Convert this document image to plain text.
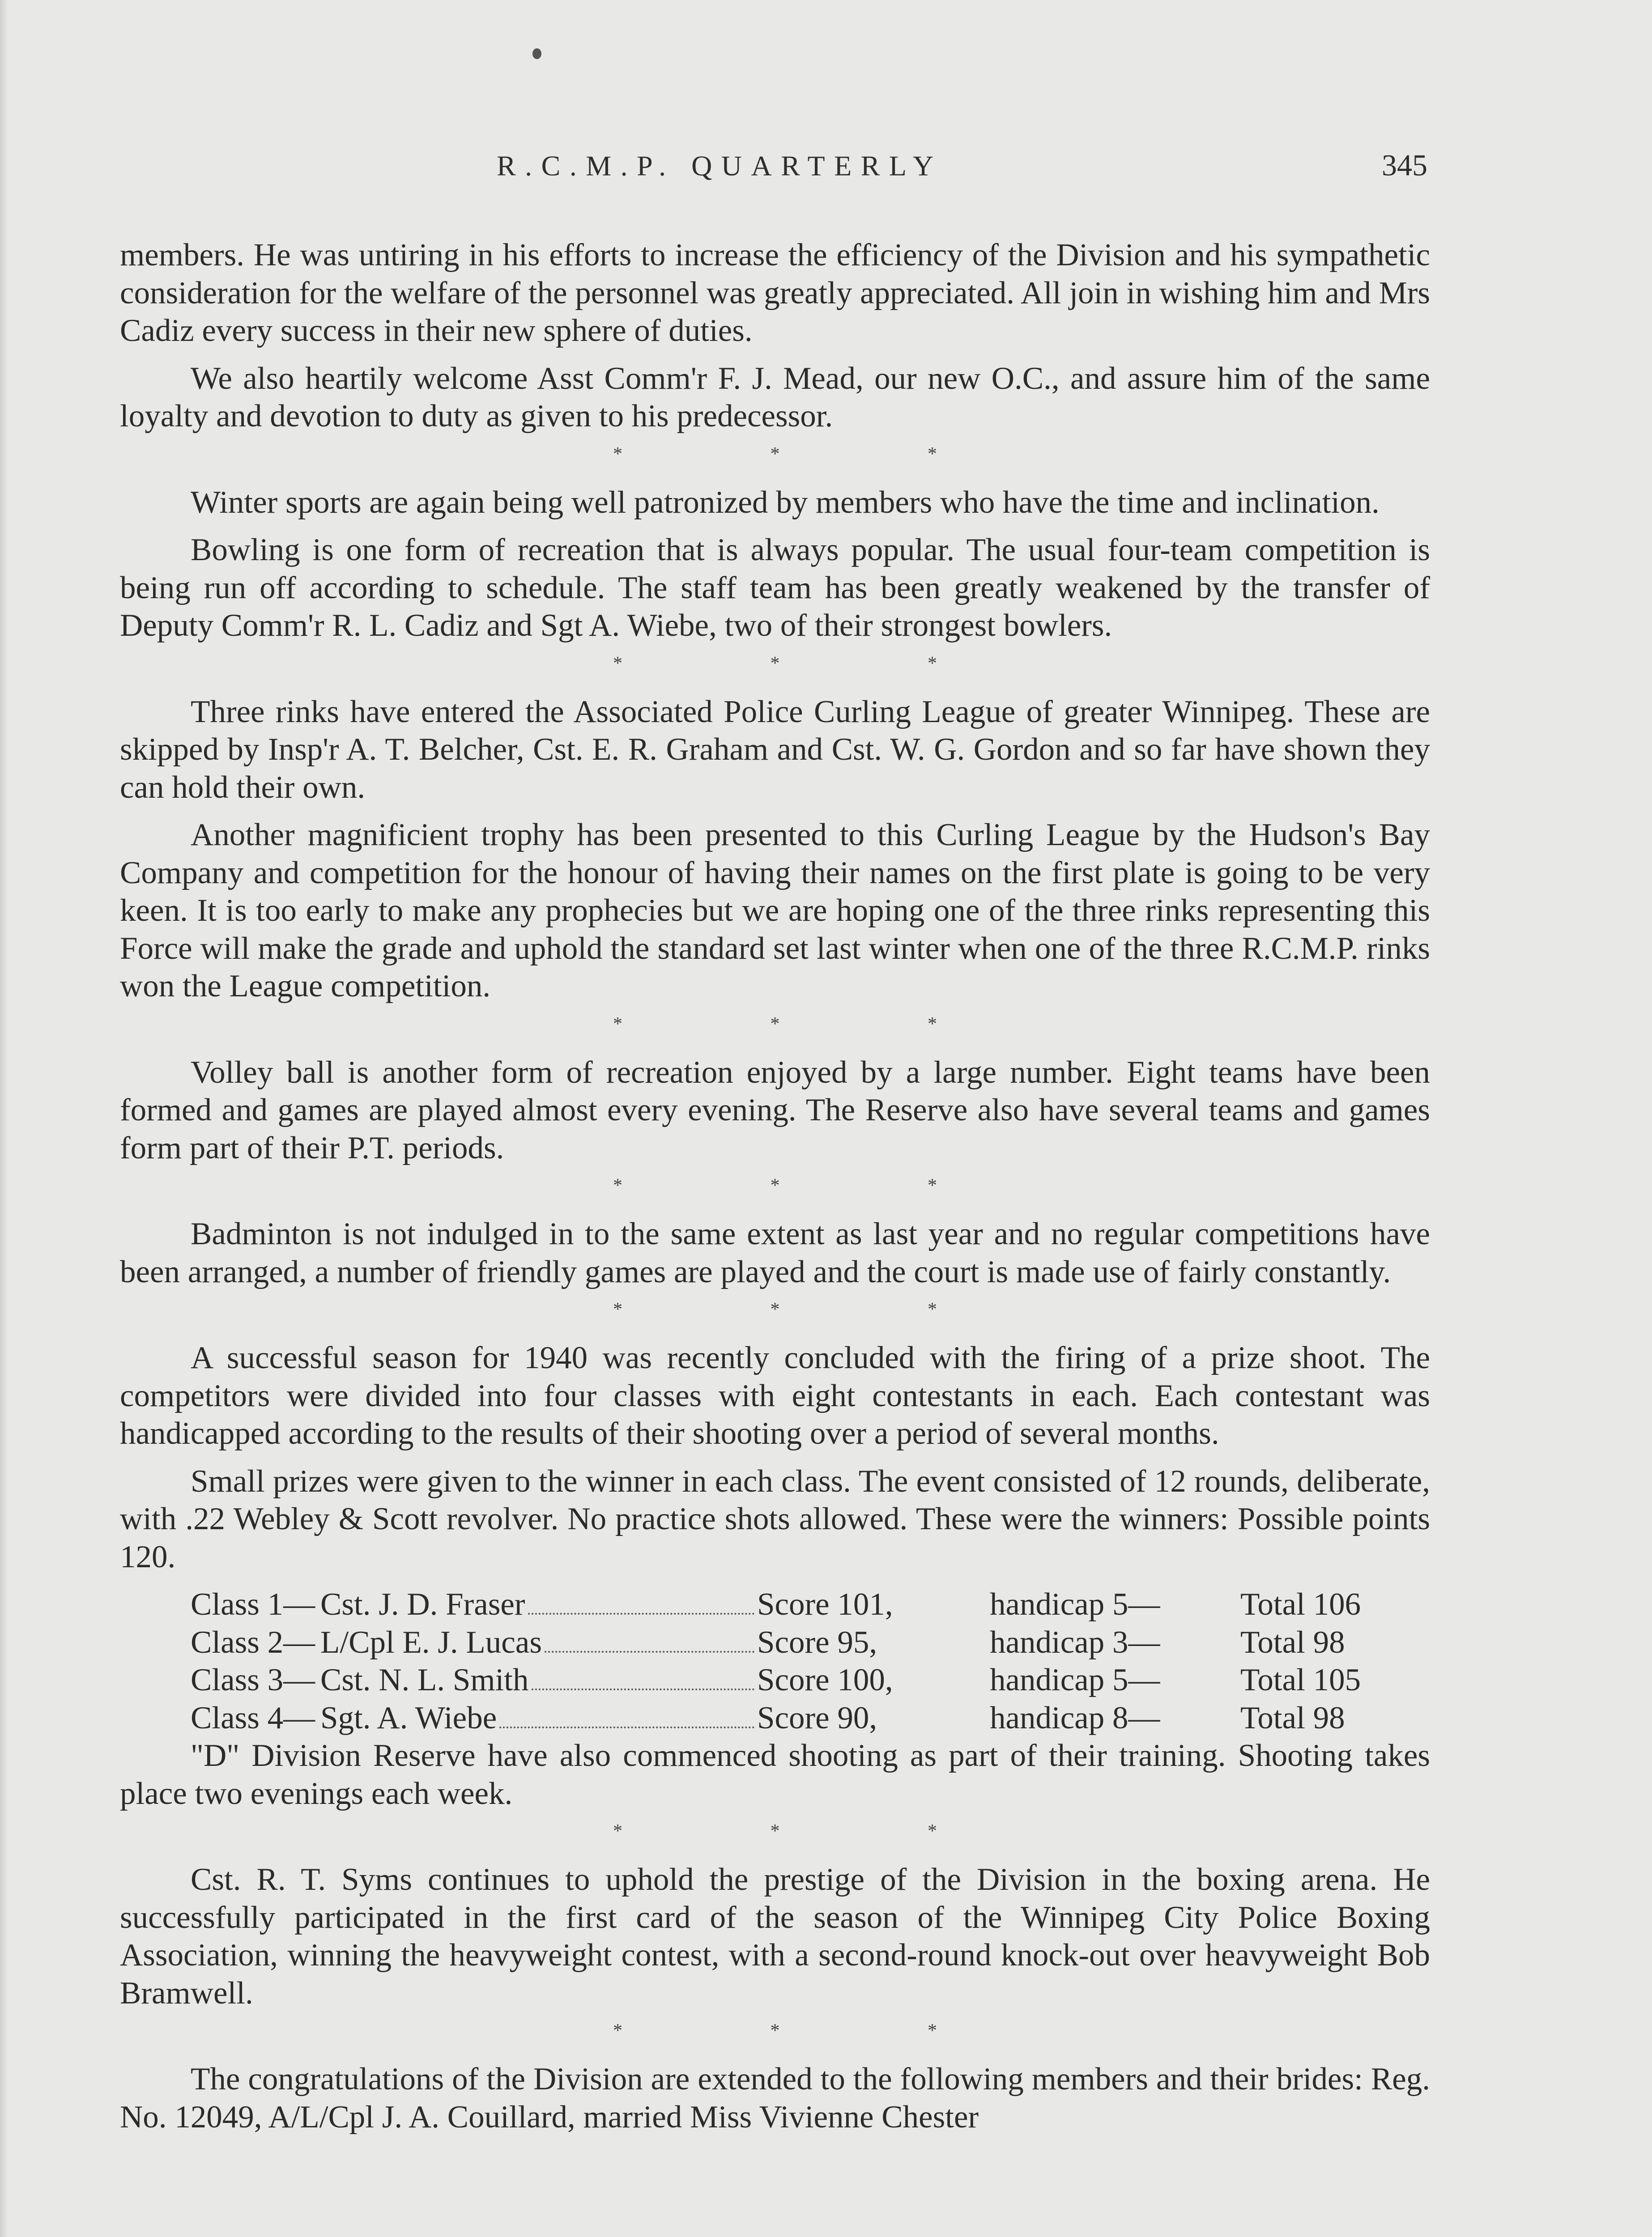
R.C.M.P. QUARTERLY	345

members. He was untiring in his efforts to increase the efficiency of the Division and his sympathetic consideration for the welfare of the personnel was greatly appreciated. All join in wishing him and Mrs Cadiz every success in their new sphere of duties.

We also heartily welcome Asst Comm'r F. J. Mead, our new O.C., and assure him of the same loyalty and devotion to duty as given to his predecessor.

* * *

Winter sports are again being well patronized by members who have the time and inclination.

Bowling is one form of recreation that is always popular. The usual four-team competition is being run off according to schedule. The staff team has been greatly weakened by the transfer of Deputy Comm'r R. L. Cadiz and Sgt A. Wiebe, two of their strongest bowlers.

* * *

Three rinks have entered the Associated Police Curling League of greater Winnipeg. These are skipped by Insp'r A. T. Belcher, Cst. E. R. Graham and Cst. W. G. Gordon and so far have shown they can hold their own.

Another magnificient trophy has been presented to this Curling League by the Hudson's Bay Company and competition for the honour of having their names on the first plate is going to be very keen. It is too early to make any prophecies but we are hoping one of the three rinks representing this Force will make the grade and uphold the standard set last winter when one of the three R.C.M.P. rinks won the League competition.

* * *

Volley ball is another form of recreation enjoyed by a large number. Eight teams have been formed and games are played almost every evening. The Reserve also have several teams and games form part of their P.T. periods.

* * *

Badminton is not indulged in to the same extent as last year and no regular competitions have been arranged, a number of friendly games are played and the court is made use of fairly constantly.

* * *

A successful season for 1940 was recently concluded with the firing of a prize shoot. The competitors were divided into four classes with eight contestants in each. Each contestant was handicapped according to the results of their shooting over a period of several months.

Small prizes were given to the winner in each class. The event consisted of 12 rounds, deliberate, with .22 Webley & Scott revolver. No practice shots allowed. These were the winners: Possible points 120.

Class 1— Cst. J. D. Fraser	Score 101,	handicap 5—	Total 106
Class 2— L/Cpl E. J. Lucas	Score 95,	handicap 3—	Total 98
Class 3— Cst. N. L. Smith	Score 100,	handicap 5—	Total 105
Class 4— Sgt. A. Wiebe	Score 90,	handicap 8—	Total 98

"D" Division Reserve have also commenced shooting as part of their training. Shooting takes place two evenings each week.

* * *

Cst. R. T. Syms continues to uphold the prestige of the Division in the boxing arena. He successfully participated in the first card of the season of the Winnipeg City Police Boxing Association, winning the heavyweight contest, with a second-round knock-out over heavyweight Bob Bramwell.

* * *

The congratulations of the Division are extended to the following members and their brides: Reg. No. 12049, A/L/Cpl J. A. Couillard, married Miss Vivienne Chester
